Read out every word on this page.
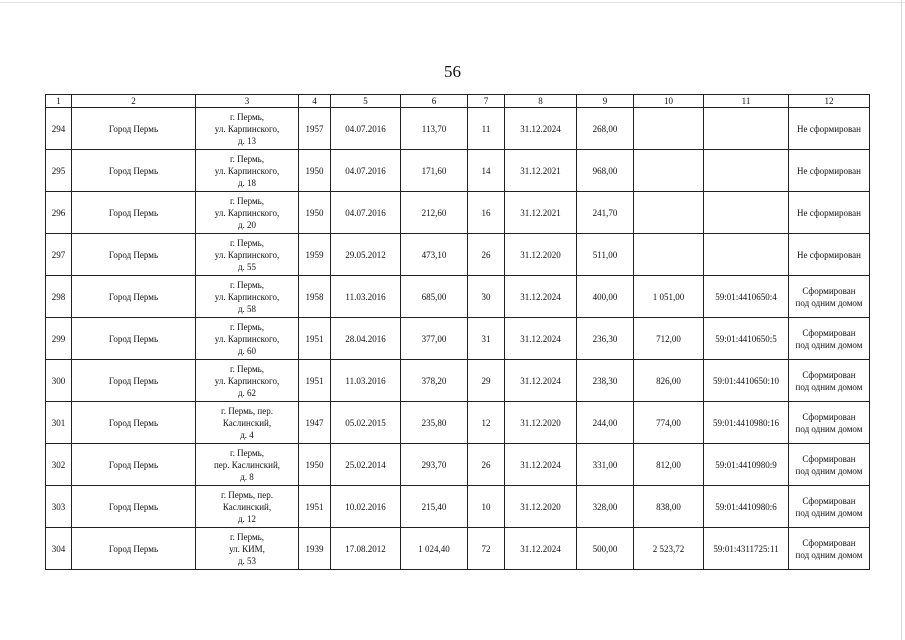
56
1	2	3	4	5	6	7	8	9	10	11	12
294	Город Пермь	г. Пермь,
ул. Карпинского,
д. 13	1957	04.07.2016	113,70	11	31.12.2024	268,00			Не сформирован

295	Город Пермь	г. Пермь,
ул. Карпинского,
д. 18	1950	04.07.2016	171,60	14	31.12.2021	968,00			Не сформирован

296	Город Пермь	г. Пермь,
ул. Карпинского,
д. 20	1950	04.07.2016	212,60	16	31.12.2021	241,70			Не сформирован

297	Город Пермь	г. Пермь,
ул. Карпинского,
д. 55	1959	29.05.2012	473,10	26	31.12.2020	511,00			Не сформирован

298	Город Пермь	г. Пермь,
ул. Карпинского,
д. 58	1958	11.03.2016	685,00	30	31.12.2024	400,00	1 051,00	59:01:4410650:4	Сформирован
под одним домом

299	Город Пермь	г. Пермь,
ул. Карпинского,
д. 60	1951	28.04.2016	377,00	31	31.12.2024	236,30	712,00	59:01:4410650:5	Сформирован
под одним домом

300	Город Пермь	г. Пермь,
ул. Карпинского,
д. 62	1951	11.03.2016	378,20	29	31.12.2024	238,30	826,00	59:01:4410650:10	Сформирован
под одним домом

301	Город Пермь	г. Пермь, пер.
Каслинский,
д. 4	1947	05.02.2015	235,80	12	31.12.2020	244,00	774,00	59:01:4410980:16	Сформирован
под одним домом

302	Город Пермь	г. Пермь,
пер. Каслинский,
д. 8	1950	25.02.2014	293,70	26	31.12.2024	331,00	812,00	59:01:4410980:9	Сформирован
под одним домом

303	Город Пермь	г. Пермь, пер.
Каслинский,
д. 12	1951	10.02.2016	215,40	10	31.12.2020	328,00	838,00	59:01:4410980:6	Сформирован
под одним домом

304	Город Пермь	г. Пермь,
ул. КИМ,
д. 53	1939	17.08.2012	1 024,40	72	31.12.2024	500,00	2 523,72	59:01:4311725:11	Сформирован
под одним домом
